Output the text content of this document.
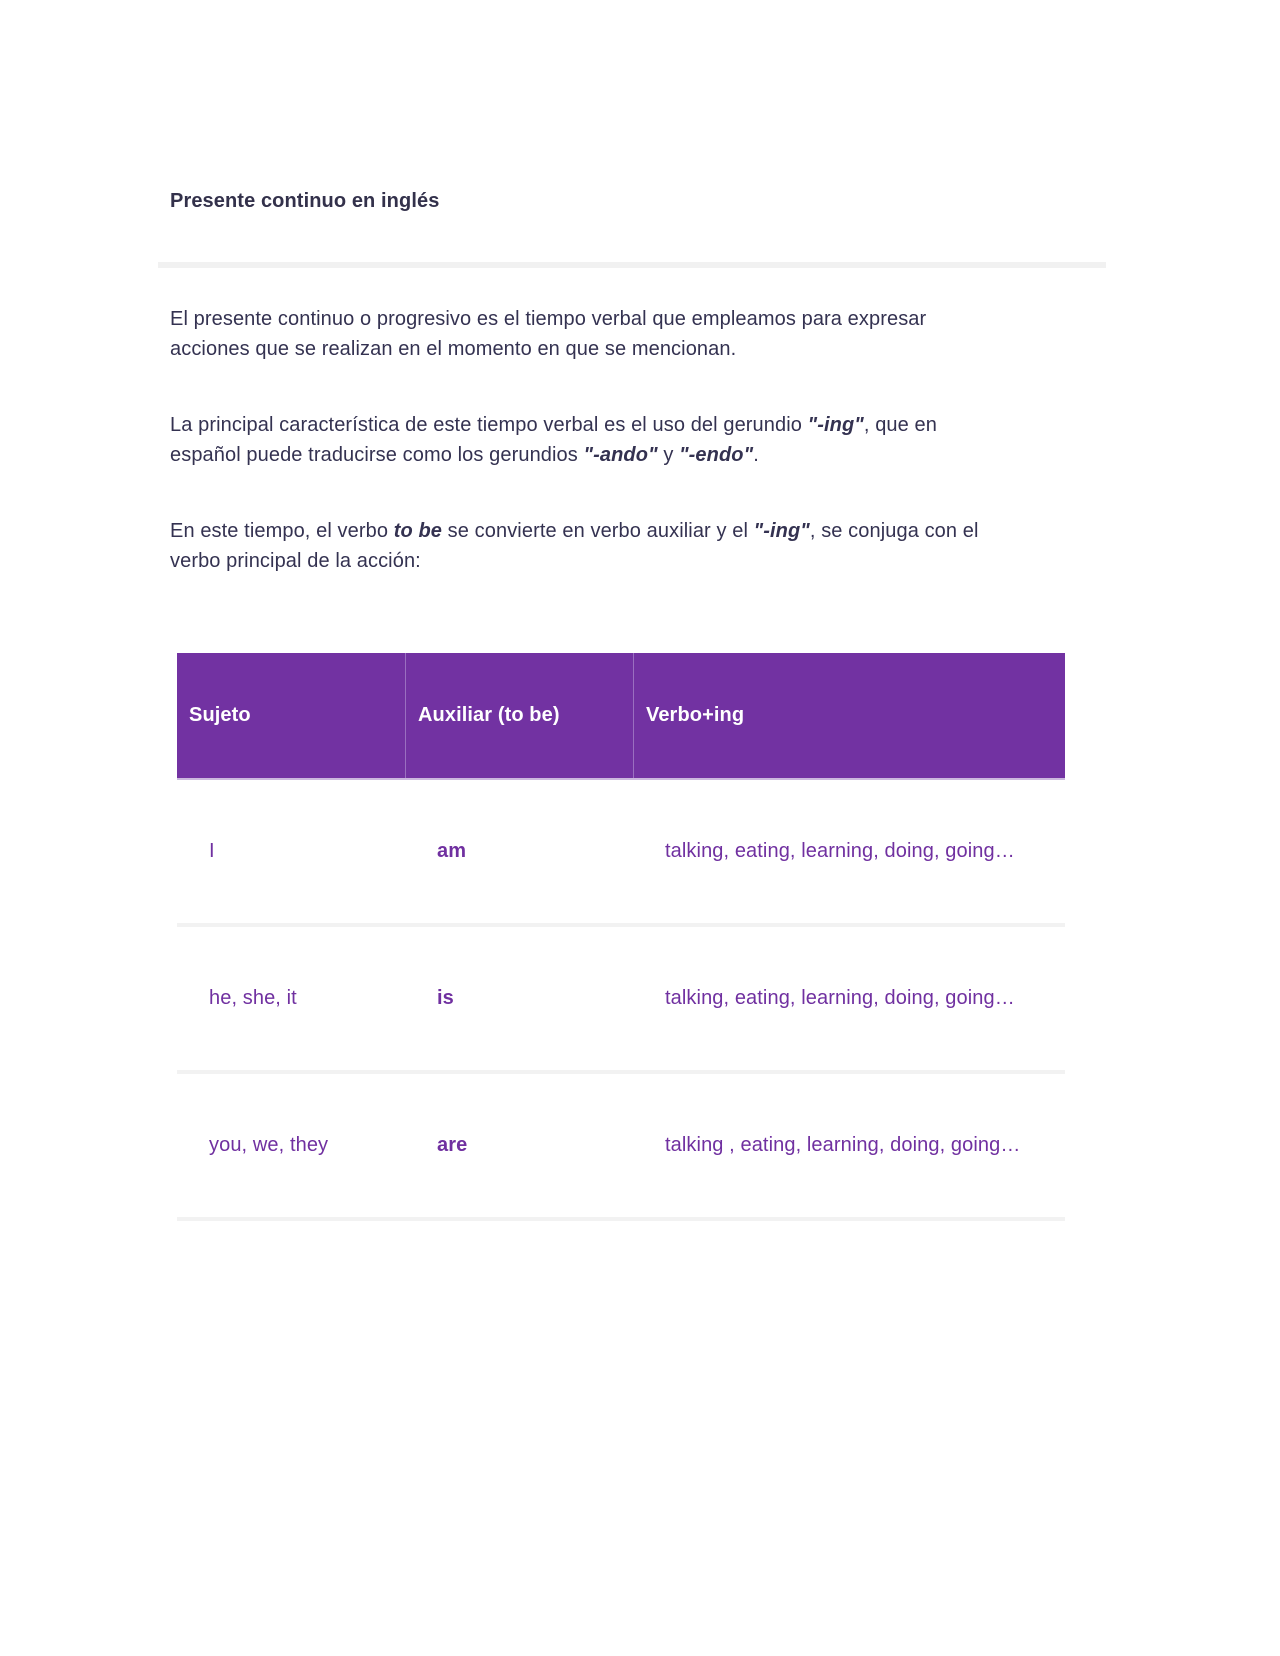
Presente continuo en inglés

El presente continuo o progresivo es el tiempo verbal que empleamos para expresar
acciones que se realizan en el momento en que se mencionan.

La principal característica de este tiempo verbal es el uso del gerundio "-ing", que en
español puede traducirse como los gerundios "-ando" y "-endo".

En este tiempo, el verbo to be se convierte en verbo auxiliar y el "-ing", se conjuga con el
verbo principal de la acción:

Sujeto	Auxiliar (to be)	Verbo+ing
I	am	talking, eating, learning, doing, going…
he, she, it	is	talking, eating, learning, doing, going…
you, we, they	are	talking , eating, learning, doing, going…
